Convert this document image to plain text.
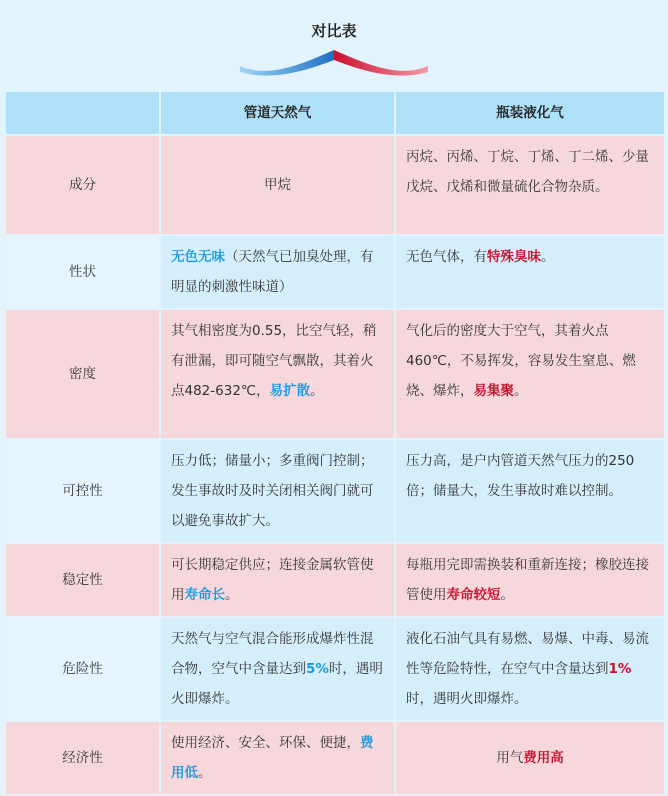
对比表
	管道天然气	瓶装液化气
成分	甲烷	丙烷、丙烯、丁烷、丁烯、丁二烯、少量戊烷、戊烯和微量硫化合物杂质。
性状	无色无味（天然气已加臭处理，有明显的刺激性味道）	无色气体，有特殊臭味。
密度	其气相密度为0.55，比空气轻，稍有泄漏，即可随空气飘散，其着火点482-632℃，易扩散。	气化后的密度大于空气，其着火点460℃，不易挥发，容易发生窒息、燃烧、爆炸，易集聚。
可控性	压力低；储量小；多重阀门控制；发生事故时及时关闭相关阀门就可以避免事故扩大。	压力高，是户内管道天然气压力的250倍；储量大，发生事故时难以控制。
稳定性	可长期稳定供应；连接金属软管使用寿命长。	每瓶用完即需换装和重新连接；橡胶连接管使用寿命较短。
危险性	天然气与空气混合能形成爆炸性混合物，空气中含量达到5%时，遇明火即爆炸。	液化石油气具有易燃、易爆、中毒、易流性等危险特性，在空气中含量达到1%时，遇明火即爆炸。
经济性	使用经济、安全、环保、便捷，费用低。	用气费用高
